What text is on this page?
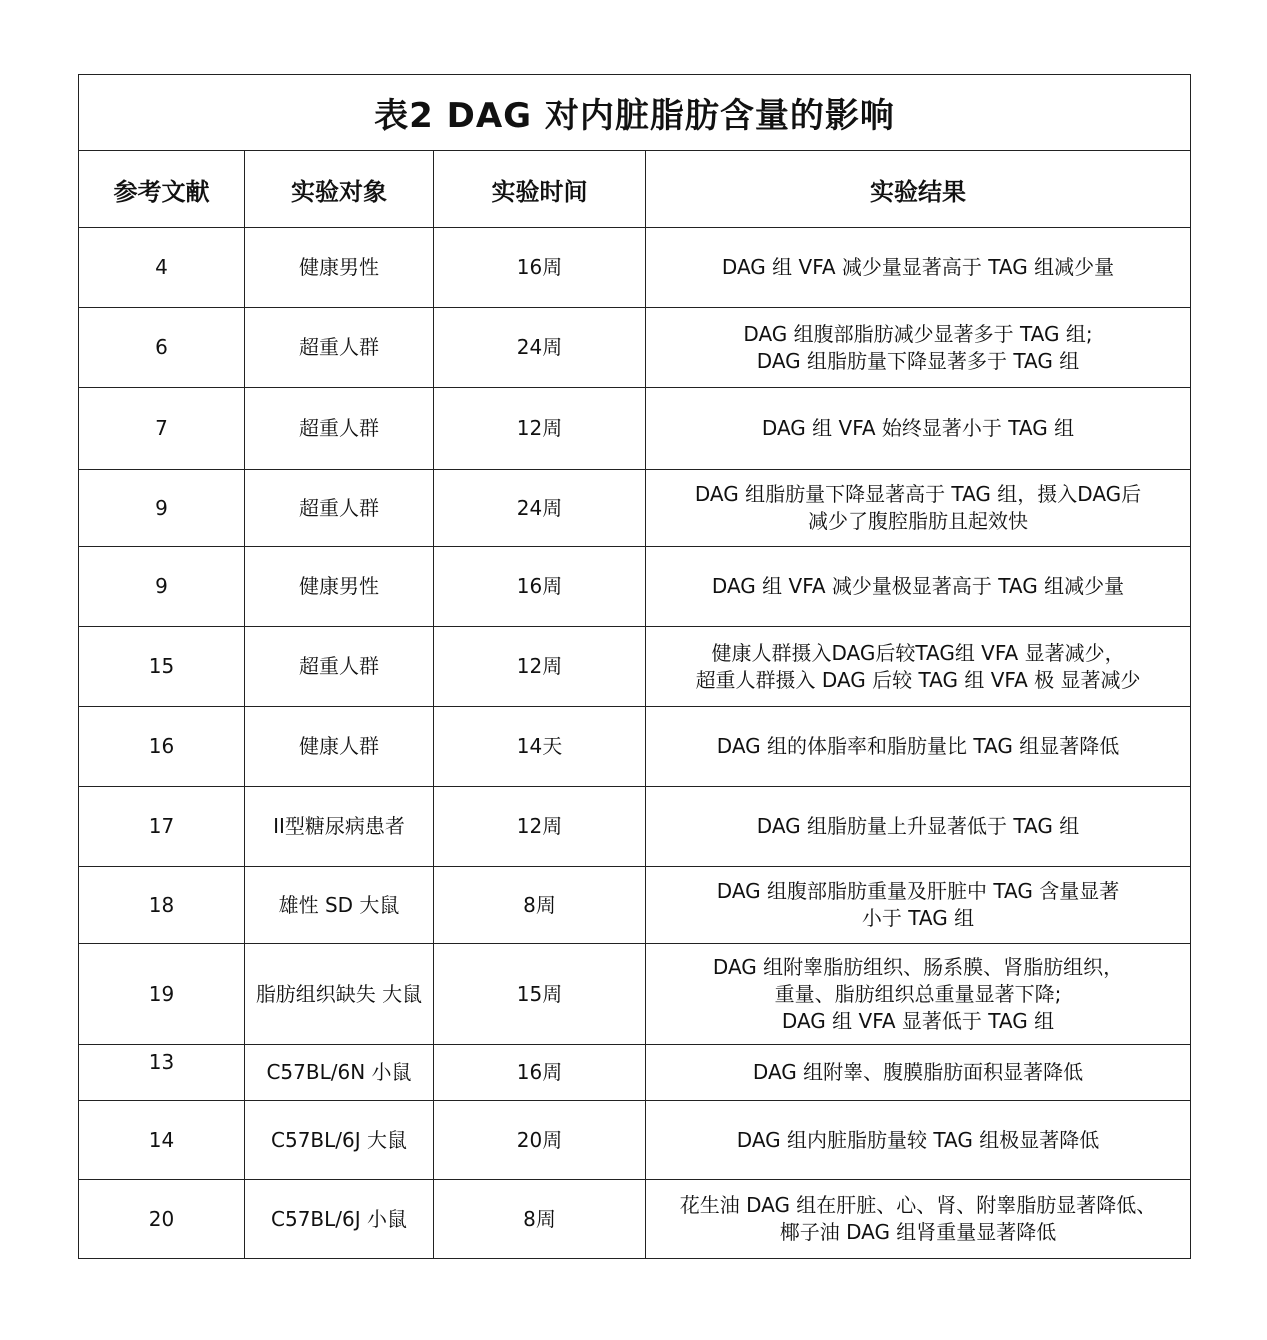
表2 DAG 对内脏脂肪含量的影响			
参考文献	实验对象	实验时间	实验结果
4	健康男性	16周	DAG 组 VFA 减少量显著高于 TAG 组减少量

6	超重人群	24周	DAG 组腹部脂肪减少显著多于 TAG 组;
DAG 组脂肪量下降显著多于 TAG 组

7	超重人群	12周	DAG 组 VFA 始终显著小于 TAG 组

9	超重人群	24周	DAG 组脂肪量下降显著高于 TAG 组，摄入DAG后
减少了腹腔脂肪且起效快

9	健康男性	16周	DAG 组 VFA 减少量极显著高于 TAG 组减少量

15	超重人群	12周	健康人群摄入DAG后较TAG组 VFA 显著减少，
超重人群摄入 DAG 后较 TAG 组 VFA 极 显著减少

16	健康人群	14天	DAG 组的体脂率和脂肪量比 TAG 组显著降低

17	II型糖尿病患者	12周	DAG 组脂肪量上升显著低于 TAG 组

18	雄性 SD 大鼠	8周	DAG 组腹部脂肪重量及肝脏中 TAG 含量显著
小于 TAG 组

19	脂肪组织缺失 大鼠	15周	DAG 组附睾脂肪组织、肠系膜、肾脂肪组织，
重量、脂肪组织总重量显著下降;
DAG 组 VFA 显著低于 TAG 组

13	C57BL/6N 小鼠	16周	DAG 组附睾、腹膜脂肪面积显著降低

14	C57BL/6J 大鼠	20周	DAG 组内脏脂肪量较 TAG 组极显著降低

20	C57BL/6J 小鼠	8周	花生油 DAG 组在肝脏、心、肾、附睾脂肪显著降低、
椰子油 DAG 组肾重量显著降低
